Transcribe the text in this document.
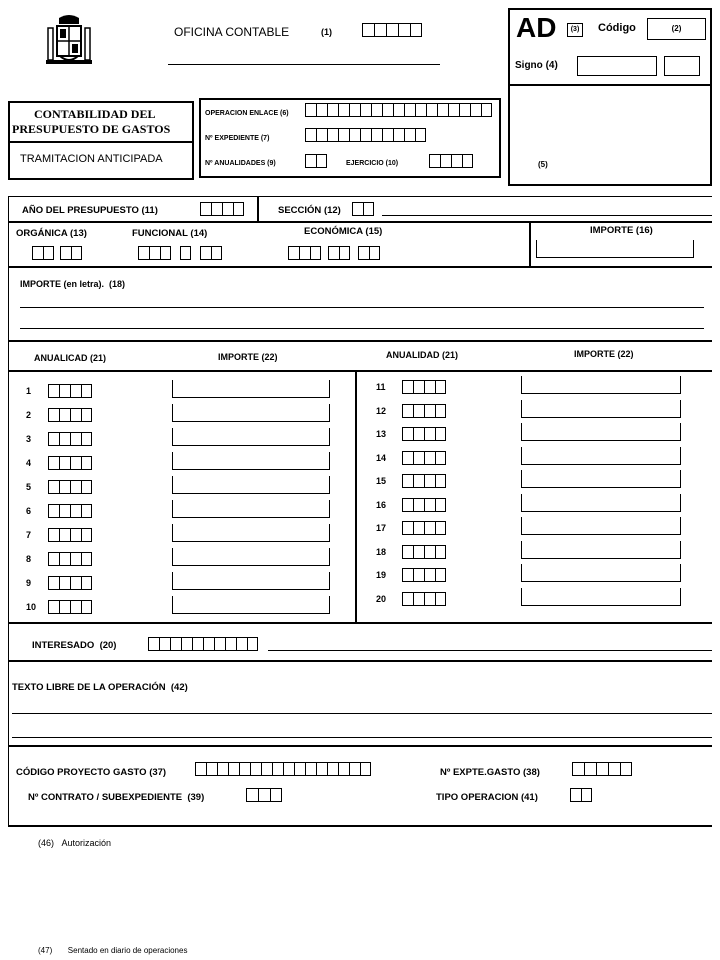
OFICINA CONTABLE	(1)	AD	(3)	Código	(2)
Signo (4)
(5)
CONTABILIDAD DEL
PRESUPUESTO DE GASTOS
TRAMITACION ANTICIPADA
OPERACION ENLACE (6)
Nº EXPEDIENTE (7)
Nº ANUALIDADES (9)	EJERCICIO (10)
AÑO DEL PRESUPUESTO (11)	SECCIÓN (12)
ORGÁNICA (13)	FUNCIONAL (14)	ECONÓMICA (15)	IMPORTE (16)
IMPORTE (en letra). (18)
ANUALICAD (21)	IMPORTE (22)	ANUALIDAD (21)	IMPORTE (22)
1
2
3
4
5
6
7
8
9
10
11
12
13
14
15
16
17
18
19
20
INTERESADO (20)
TEXTO LIBRE DE LA OPERACIÓN (42)
CÓDIGO PROYECTO GASTO (37)	Nº EXPTE.GASTO (38)
Nº CONTRATO / SUBEXPEDIENTE (39)	TIPO OPERACION (41)
(46) Autorización
(47) Sentado en diario de operaciones
